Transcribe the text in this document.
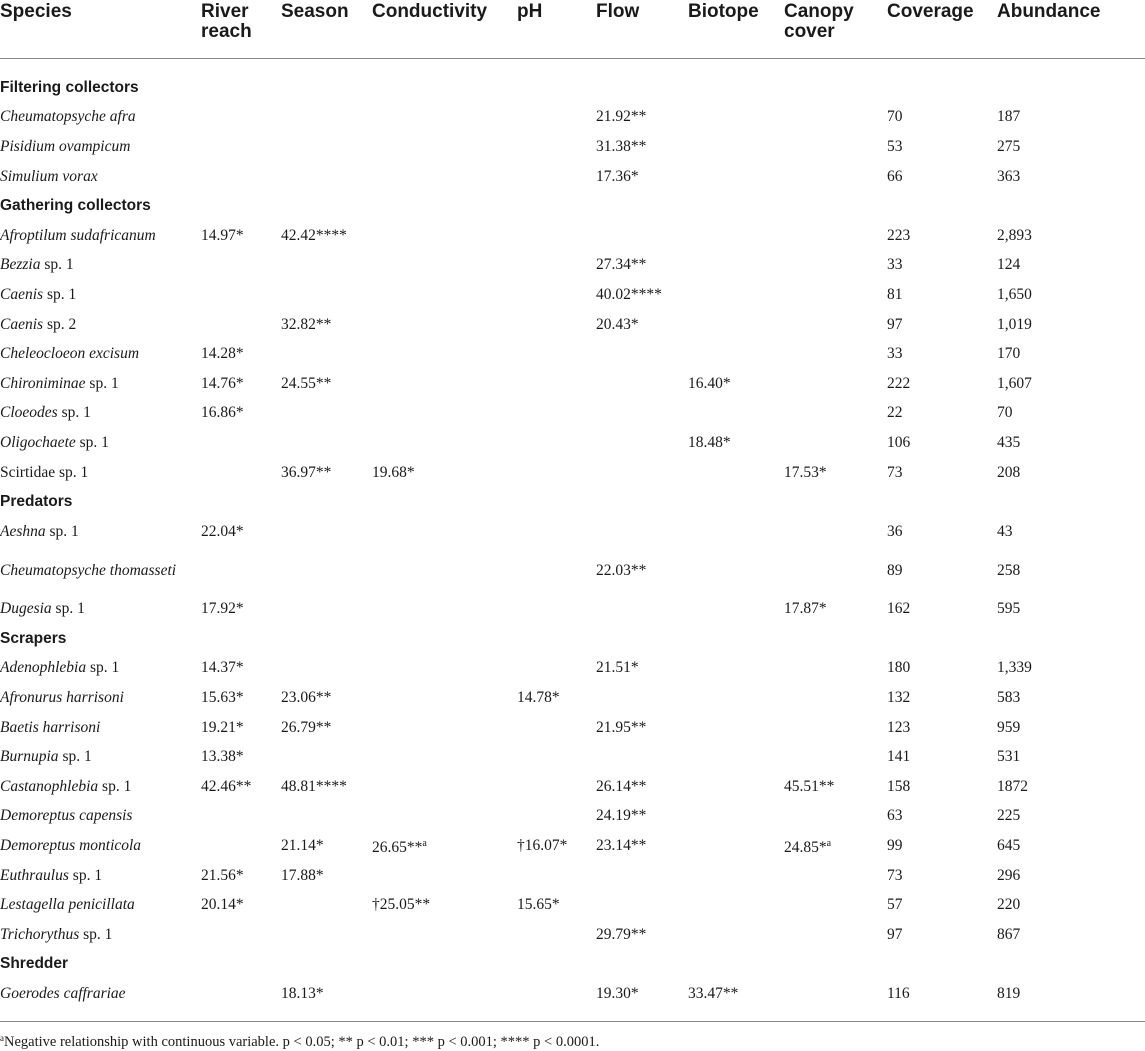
Species	River reach	Season	Conductivity	pH	Flow	Biotope	Canopy cover	Coverage	Abundance

Filtering collectors									
Cheumatopsyche afra					21.92**			70	187
Pisidium ovampicum					31.38**			53	275
Simulium vorax					17.36*			66	363
Gathering collectors									
Afroptilum sudafricanum	14.97*	42.42****						223	2,893
Bezzia sp. 1					27.34**			33	124
Caenis sp. 1					40.02****			81	1,650
Caenis sp. 2		32.82**			20.43*			97	1,019
Cheleocloeon excisum	14.28*							33	170
Chironiminae sp. 1	14.76*	24.55**				16.40*		222	1,607
Cloeodes sp. 1	16.86*							22	70
Oligochaete sp. 1						18.48*		106	435
Scirtidae sp. 1		36.97**	19.68*				17.53*	73	208
Predators									
Aeshna sp. 1	22.04*							36	43
Cheumatopsyche thomasseti					22.03**			89	258
Dugesia sp. 1	17.92*						17.87*	162	595
Scrapers									
Adenophlebia sp. 1	14.37*				21.51*			180	1,339
Afronurus harrisoni	15.63*	23.06**		14.78*				132	583
Baetis harrisoni	19.21*	26.79**			21.95**			123	959
Burnupia sp. 1	13.38*							141	531
Castanophlebia sp. 1	42.46**	48.81****			26.14**		45.51**	158	1872
Demoreptus capensis					24.19**			63	225
Demoreptus monticola		21.14*	26.65**$^a$	†16.07*	23.14**		24.85*$^a$	99	645
Euthraulus sp. 1	21.56*	17.88*						73	296
Lestagella penicillata	20.14*		†25.05**	15.65*				57	220
Trichorythus sp. 1					29.79**			97	867
Shredder									
Goerodes caffrariae		18.13*			19.30*	33.47**		116	819
$^a$Negative relationship with continuous variable. p < 0.05; ** p < 0.01; *** p < 0.001; **** p < 0.0001.
